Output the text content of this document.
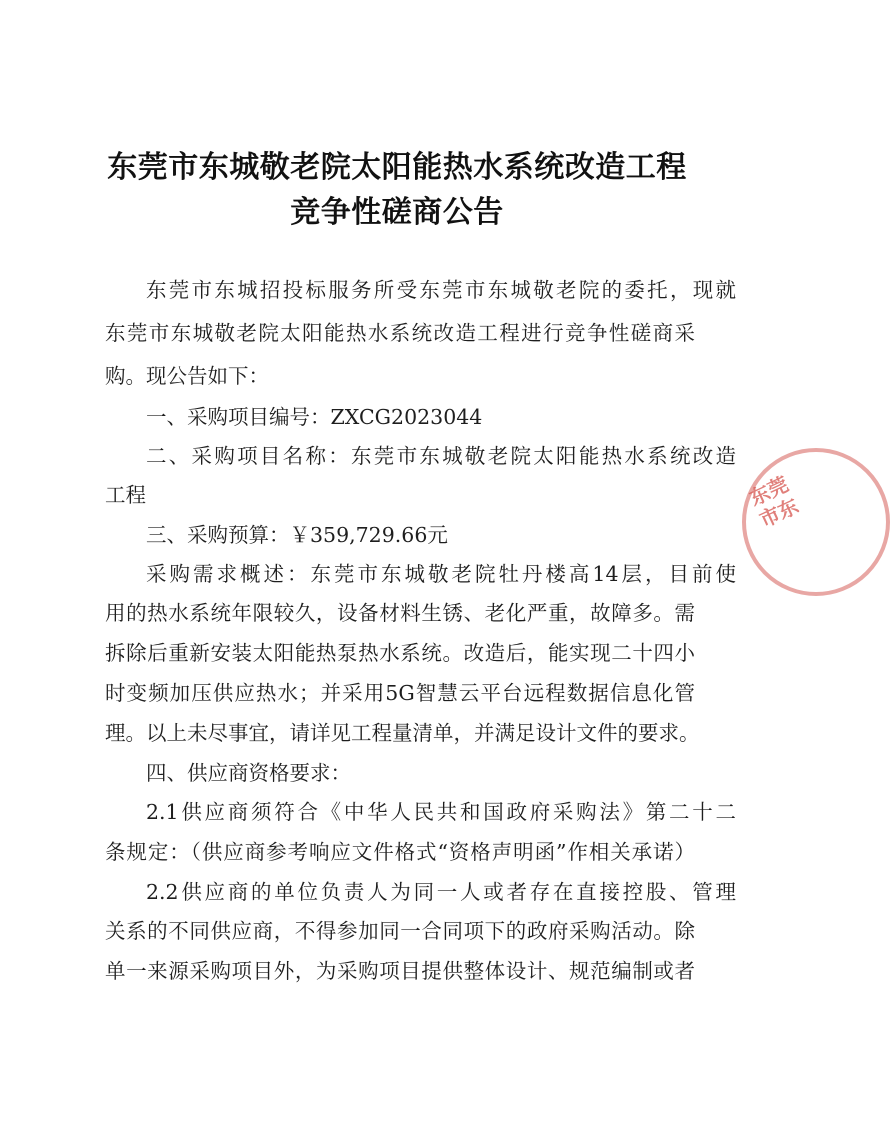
东莞市东城敬老院太阳能热水系统改造工程
竞争性磋商公告

东莞市东城招投标服务所受东莞市东城敬老院的委托，现就

东莞市东城敬老院太阳能热水系统改造工程进行竞争性磋商采

购。现公告如下：

一、采购项目编号：ZXCG2023044

二、采购项目名称：东莞市东城敬老院太阳能热水系统改造

工程

三、采购预算：￥359,729.66元

采购需求概述：东莞市东城敬老院牡丹楼高14层，目前使

用的热水系统年限较久，设备材料生锈、老化严重，故障多。需

拆除后重新安装太阳能热泵热水系统。改造后，能实现二十四小

时变频加压供应热水；并采用5G智慧云平台远程数据信息化管

理。以上未尽事宜，请详见工程量清单，并满足设计文件的要求。

四、供应商资格要求：

2.1供应商须符合《中华人民共和国政府采购法》第二十二

条规定：（供应商参考响应文件格式“资格声明函”作相关承诺）

2.2供应商的单位负责人为同一人或者存在直接控股、管理

关系的不同供应商，不得参加同一合同项下的政府采购活动。除

单一来源采购项目外，为采购项目提供整体设计、规范编制或者

东莞市东
